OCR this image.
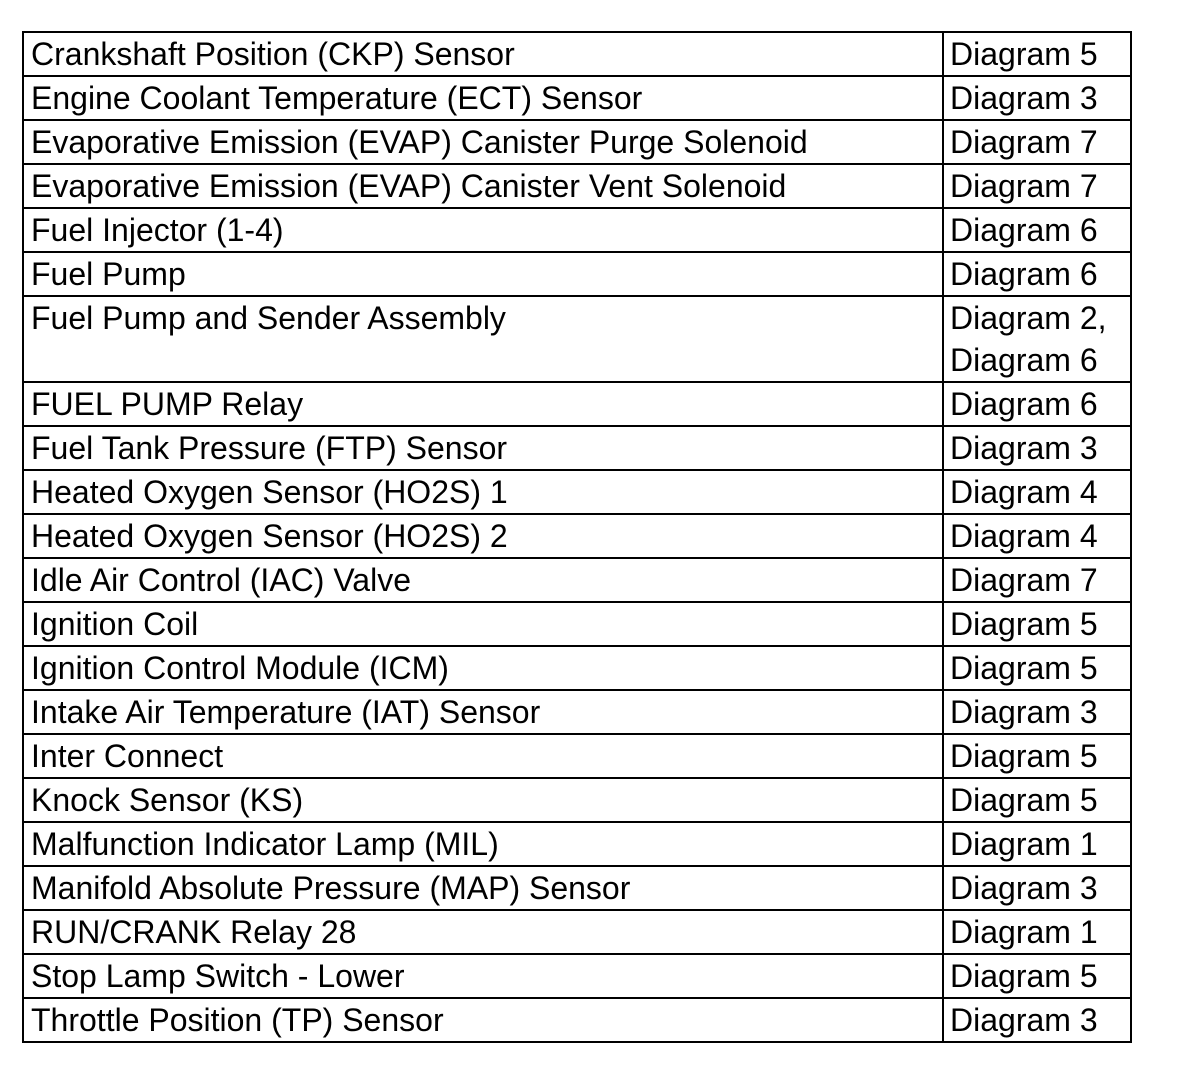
Crankshaft Position (CKP) Sensor	Diagram 5
Engine Coolant Temperature (ECT) Sensor	Diagram 3
Evaporative Emission (EVAP) Canister Purge Solenoid	Diagram 7
Evaporative Emission (EVAP) Canister Vent Solenoid	Diagram 7
Fuel Injector (1-4)	Diagram 6
Fuel Pump	Diagram 6
Fuel Pump and Sender Assembly	Diagram 2,
Diagram 6
FUEL PUMP Relay	Diagram 6
Fuel Tank Pressure (FTP) Sensor	Diagram 3
Heated Oxygen Sensor (HO2S) 1	Diagram 4
Heated Oxygen Sensor (HO2S) 2	Diagram 4
Idle Air Control (IAC) Valve	Diagram 7
Ignition Coil	Diagram 5
Ignition Control Module (ICM)	Diagram 5
Intake Air Temperature (IAT) Sensor	Diagram 3
Inter Connect	Diagram 5
Knock Sensor (KS)	Diagram 5
Malfunction Indicator Lamp (MIL)	Diagram 1
Manifold Absolute Pressure (MAP) Sensor	Diagram 3
RUN/CRANK Relay 28	Diagram 1
Stop Lamp Switch - Lower	Diagram 5
Throttle Position (TP) Sensor	Diagram 3
